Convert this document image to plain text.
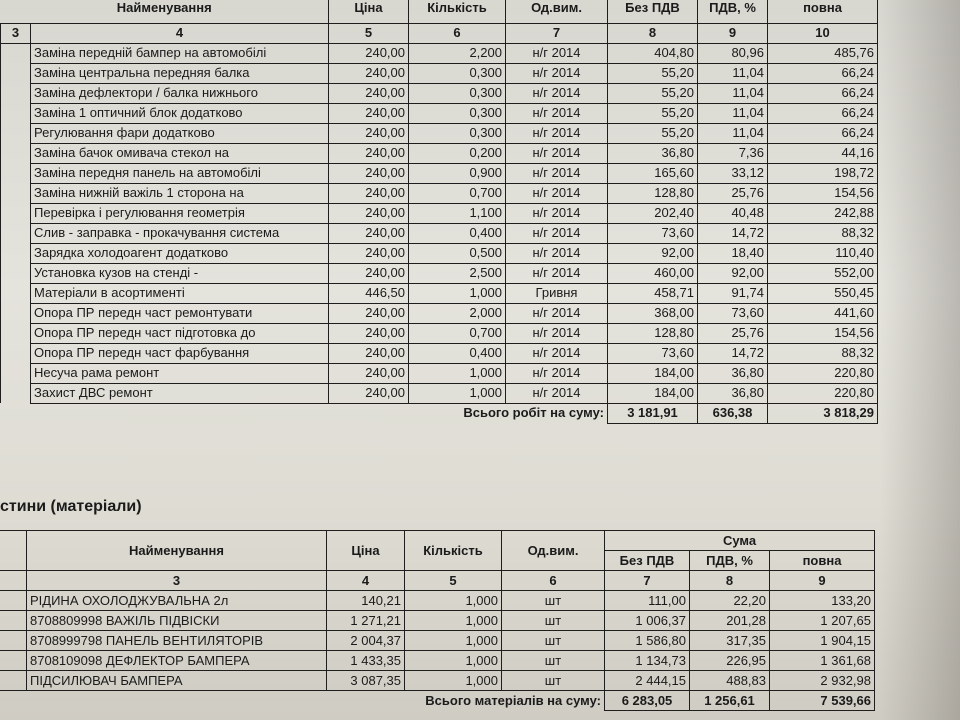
Найменування		Ціна	Кількість	Од.вим.	Без ПДВ	ПДВ, %	повна
3	4	5	6	7	8	9	10
	Заміна передній бампер на автомобілі	240,00	2,200	н/г 2014	404,80	80,96	485,76
	Заміна центральна передняя балка	240,00	0,300	н/г 2014	55,20	11,04	66,24
	Заміна дефлектори / балка нижнього	240,00	0,300	н/г 2014	55,20	11,04	66,24
	Заміна 1 оптичний блок додатково	240,00	0,300	н/г 2014	55,20	11,04	66,24
	Регулювання фари додатково	240,00	0,300	н/г 2014	55,20	11,04	66,24
	Заміна бачок омивача стекол на	240,00	0,200	н/г 2014	36,80	7,36	44,16
	Заміна передня панель на автомобілі	240,00	0,900	н/г 2014	165,60	33,12	198,72
	Заміна нижній важіль 1 сторона на	240,00	0,700	н/г 2014	128,80	25,76	154,56
	Перевірка і регулювання геометрія	240,00	1,100	н/г 2014	202,40	40,48	242,88
	Слив - заправка - прокачування система	240,00	0,400	н/г 2014	73,60	14,72	88,32
	Зарядка холодоагент додатково	240,00	0,500	н/г 2014	92,00	18,40	110,40
	Установка кузов на стенді -	240,00	2,500	н/г 2014	460,00	92,00	552,00
	Матеріали в асортименті	446,50	1,000	Гривня	458,71	91,74	550,45
	Опора ПР передн част ремонтувати	240,00	2,000	н/г 2014	368,00	73,60	441,60
	Опора ПР передн част підготовка до	240,00	0,700	н/г 2014	128,80	25,76	154,56
	Опора ПР передн част фарбування	240,00	0,400	н/г 2014	73,60	14,72	88,32
	Несуча рама ремонт	240,00	1,000	н/г 2014	184,00	36,80	220,80
	Захист ДВС ремонт	240,00	1,000	н/г 2014	184,00	36,80	220,80
		Всього робіт на суму:			3 181,91	636,38	3 818,29
стини (матеріали)
	Найменування	Ціна	Кількість	Од.вим.	Сума		
					Без ПДВ	ПДВ, %	повна
	3	4	5	6	7	8	9
	РІДИНА ОХОЛОДЖУВАЛЬНА 2л	140,21	1,000	шт	111,00	22,20	133,20
	8708809998 ВАЖІЛЬ ПІДВІСКИ	1 271,21	1,000	шт	1 006,37	201,28	1 207,65
	8708999798 ПАНЕЛЬ ВЕНТИЛЯТОРІВ	2 004,37	1,000	шт	1 586,80	317,35	1 904,15
	8708109098 ДЕФЛЕКТОР БАМПЕРА	1 433,35	1,000	шт	1 134,73	226,95	1 361,68
	ПІДСИЛЮВАЧ БАМПЕРА	3 087,35	1,000	шт	2 444,15	488,83	2 932,98
		Всього матеріалів на суму:			6 283,05	1 256,61	7 539,66
